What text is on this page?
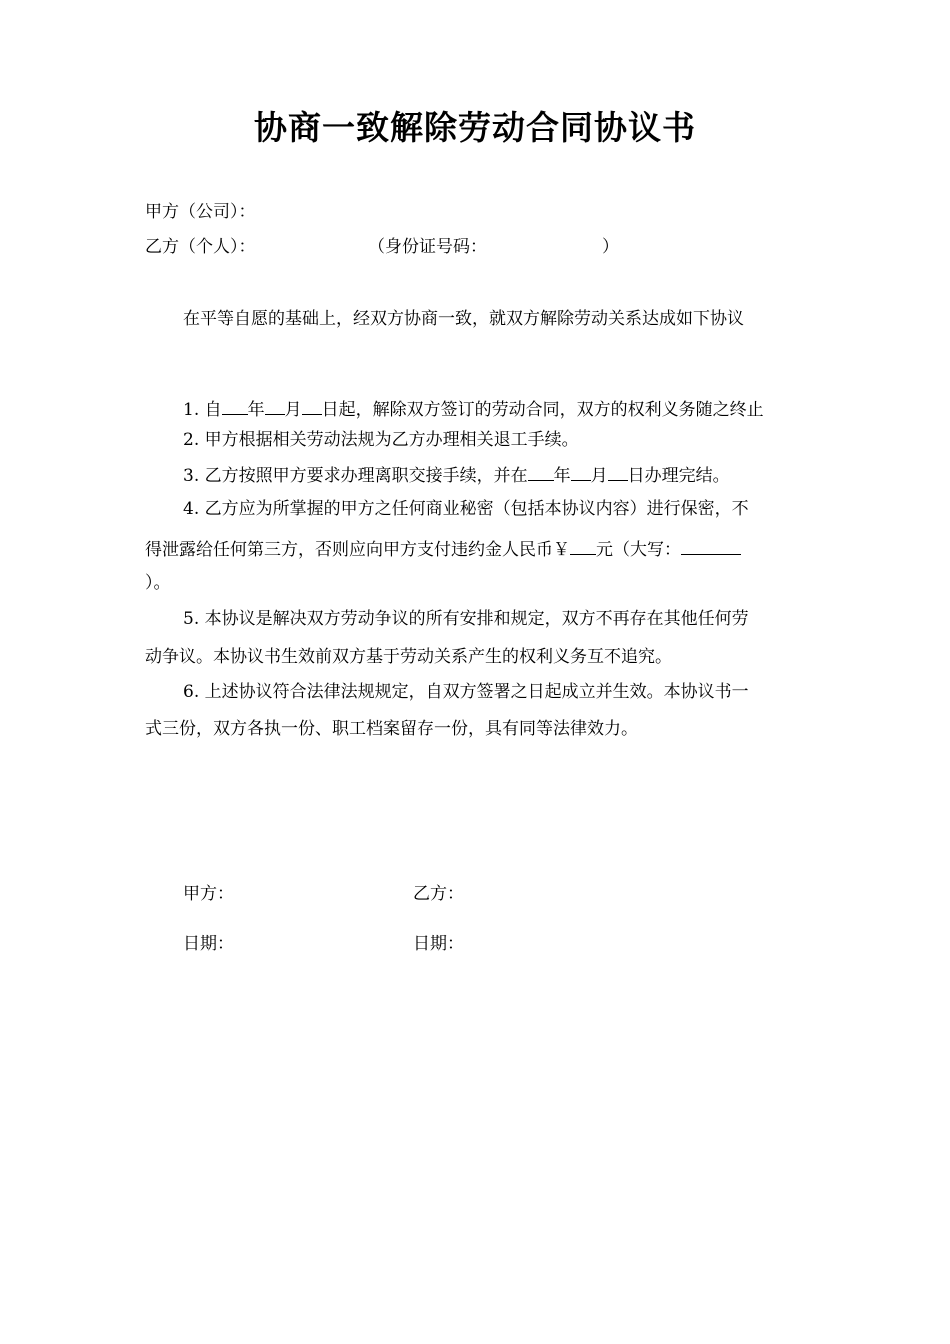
协商一致解除劳动合同协议书
甲方（公司）：
乙方（个人）：	（身份证号码：	）
在平等自愿的基础上，经双方协商一致，就双方解除劳动关系达成如下协议
1. 自 年 月 日起，解除双方签订的劳动合同，双方的权利义务随之终止
2. 甲方根据相关劳动法规为乙方办理相关退工手续。
3. 乙方按照甲方要求办理离职交接手续，并在 年 月 日办理完结。
4. 乙方应为所掌握的甲方之任何商业秘密（包括本协议内容）进行保密，不
得泄露给任何第三方，否则应向甲方支付违约金人民币￥ 元（大写：
）。
5. 本协议是解决双方劳动争议的所有安排和规定，双方不再存在其他任何劳
动争议。本协议书生效前双方基于劳动关系产生的权利义务互不追究。
6. 上述协议符合法律法规规定，自双方签署之日起成立并生效。本协议书一
式三份，双方各执一份、职工档案留存一份，具有同等法律效力。
甲方：	乙方：
日期：	日期：
